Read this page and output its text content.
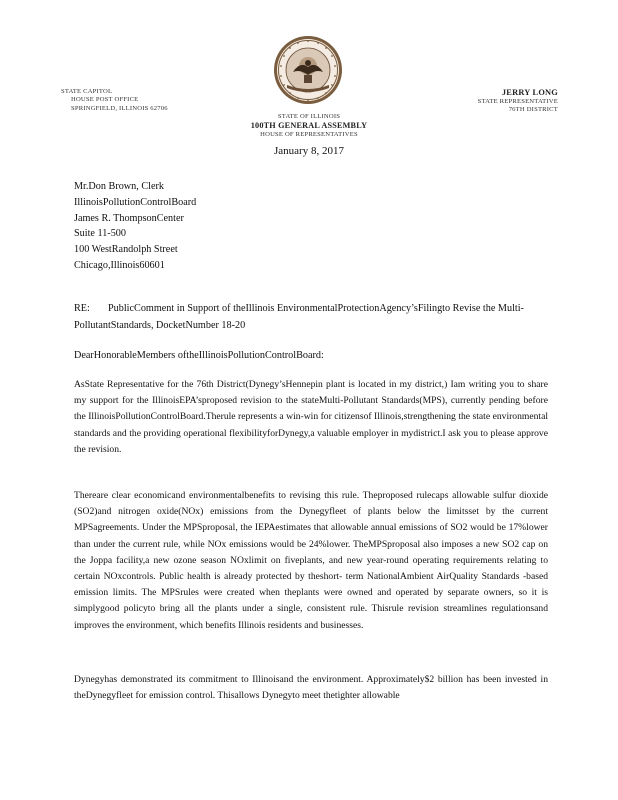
STATE CAPITOL
HOUSE POST OFFICE
SPRINGFIELD, ILLINOIS 62706
STATE OF ILLINOIS
100TH GENERAL ASSEMBLY
HOUSE OF REPRESENTATIVES
JERRY LONG
STATE REPRESENTATIVE
76TH DISTRICT
January 8, 2017
Mr.Don Brown, Clerk
IllinoisPollutionControlBoard
James R. ThompsonCenter
Suite 11-500
100 WestRandolph Street
Chicago,Illinois60601
RE: PublicComment in Support of theIllinois EnvironmentalProtectionAgency’sFilingto Revise the Multi-PollutantStandards, DocketNumber 18-20
DearHonorableMembers oftheIllinoisPollutionControlBoard:
AsState Representative for the 76th District(Dynegy’sHennepin plant is located in my district,) Iam writing you to share my support for the IllinoisEPA’sproposed revision to the stateMulti-Pollutant Standards(MPS), currently pending before the IllinoisPollutionControlBoard.Therule represents a win-win for citizensof Illinois,strengthening the state environmental standards and the providing operational flexibilityforDynegy,a valuable employer in mydistrict.I ask you to please approve the revision.
Thereare clear economicand environmentalbenefits to revising this rule. Theproposed rulecaps allowable sulfur dioxide (SO2)and nitrogen oxide(NOx) emissions from the Dynegyfleet of plants below the limitsset by the current MPSagreements. Under the MPSproposal, the IEPAestimates that allowable annual emissions of SO2 would be 17%lower than under the current rule, while NOx emissions would be 24%lower. TheMPSproposal also imposes a new SO2 cap on the Joppa facility,a new ozone season NOxlimit on fiveplants, and new year-round operating requirements relating to certain NOxcontrols. Public health is already protected by theshort- term NationalAmbient AirQuality Standards -based emission limits. The MPSrules were created when theplants were owned and operated by separate owners, so it is simplygood policyto bring all the plants under a single, consistent rule. Thisrule revision streamlines regulationsand improves the environment, which benefits Illinois residents and businesses.
Dynegyhas demonstrated its commitment to Illinoisand the environment. Approximately$2 billion has been invested in theDynegyfleet for emission control. Thisallows Dynegyto meet thetighter allowable
